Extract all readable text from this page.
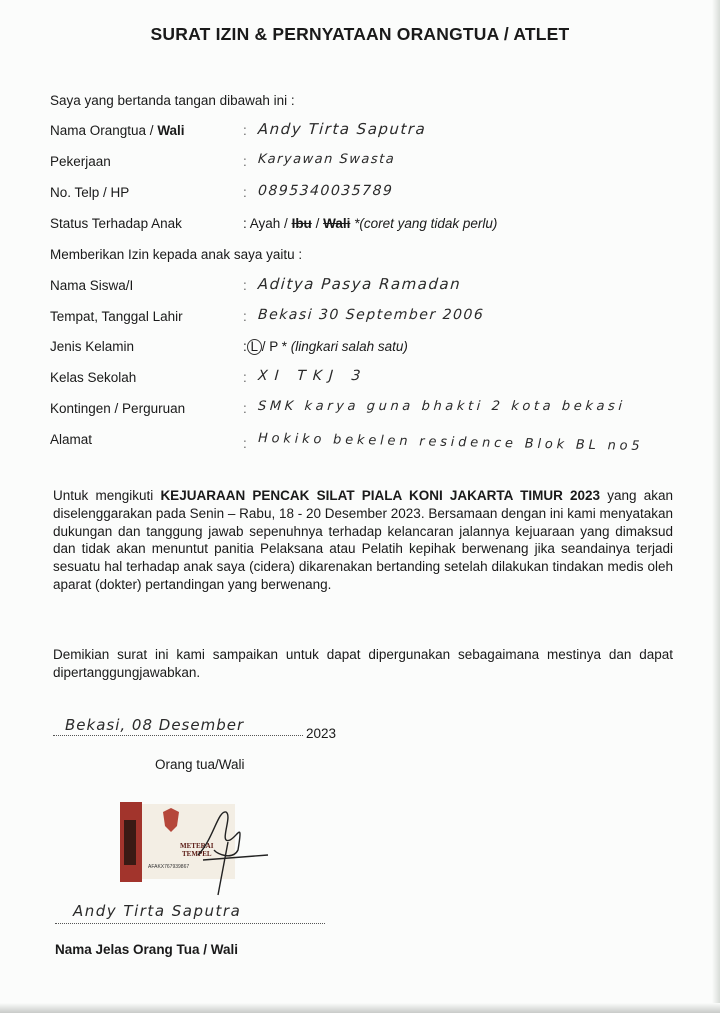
SURAT IZIN & PERNYATAAN ORANGTUA / ATLET
Saya yang bertanda tangan dibawah ini :
Nama Orangtua / Wali	: Andy Tirta Saputra
Pekerjaan	: Karyawan Swasta
No. Telp / HP	: 0895340035789
Status Terhadap Anak	: Ayah / Ibu / Wali *(coret yang tidak perlu)
Memberikan Izin kepada anak saya yaitu :
Nama Siswa/I	: Aditya Pasya Ramadan
Tempat, Tanggal Lahir	: Bekasi 30 September 2006
Jenis Kelamin	: L / P * (lingkari salah satu)
Kelas Sekolah	: XI TKJ 3
Kontingen / Perguruan	: SMK karya guna bhakti 2 kota bekasi
Alamat	: Hokiko bekelen residence Blok BL no5
Untuk mengikuti KEJUARAAN PENCAK SILAT PIALA KONI JAKARTA TIMUR 2023 yang akan diselenggarakan pada Senin – Rabu, 18 - 20 Desember 2023. Bersamaan dengan ini kami menyatakan dukungan dan tanggung jawab sepenuhnya terhadap kelancaran jalannya kejuaraan yang dimaksud dan tidak akan menuntut panitia Pelaksana atau Pelatih kepihak berwenang jika seandainya terjadi sesuatu hal terhadap anak saya (cidera) dikarenakan bertanding setelah dilakukan tindakan medis oleh aparat (dokter) pertandingan yang berwenang.
Demikian surat ini kami sampaikan untuk dapat dipergunakan sebagaimana mestinya dan dapat dipertanggungjawabkan.
Bekasi, 08 Desember	2023
Orang tua/Wali
METERAI
TEMPEL
AFAKX767939867
Andy Tirta Saputra
Nama Jelas Orang Tua / Wali
